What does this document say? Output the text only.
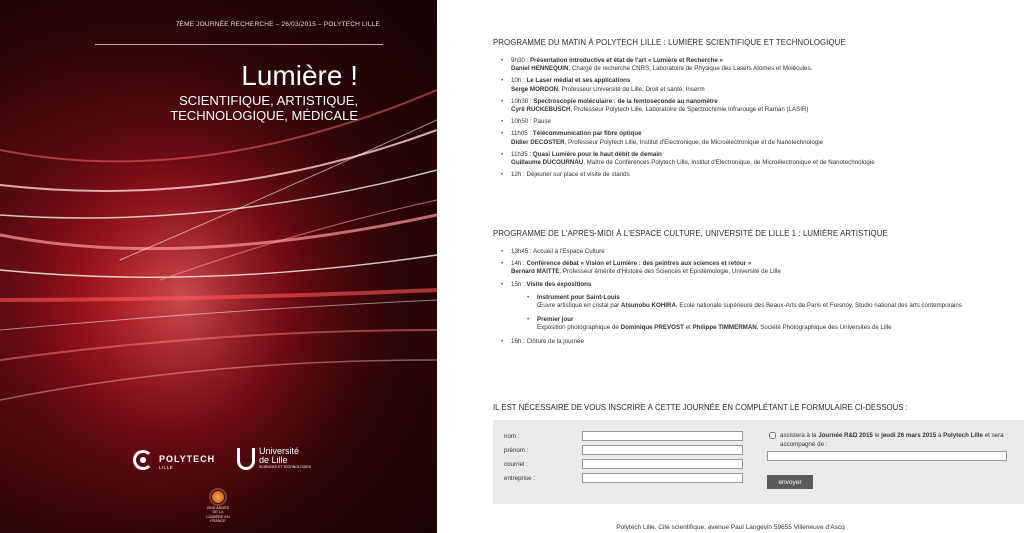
7ÈME JOURNÉE RECHERCHE – 26/03/2015 – POLYTECH LILLE
Lumière !
SCIENTIFIQUE, ARTISTIQUE, TECHNOLOGIQUE, MÉDICALE
POLYTECH
LILLE
Université
de Lille
SCIENCES ET TECHNOLOGIES
2015 ANNÉE DE LA LUMIÈRE EN FRANCE
PROGRAMME DU MATIN À POLYTECH LILLE : LUMIÈRE SCIENTIFIQUE ET TECHNOLOGIQUE
• 9h30 : Présentation introductive et état de l'art « Lumière et Recherche »
Daniel HENNEQUIN, Chargé de recherche CNRS, Laboratoire de Physique des Lasers Atomes et Molécules.
• 10h : Le Laser médial et ses applications
Serge MORDON, Professeur Université de Lille, Droit et santé, Inserm
• 10h30 : Spectroscopie moléculaire : de la femtoseconde au nanomètre
Cyril RUCKEBUSCH, Professeur Polytech Lille, Laboratoire de Spectrochimie Infrarouge et Raman (LASIR)
• 10h50 : Pause
• 11h05 : Télécommunication par fibre optique
Didier DECOSTER, Professeur Polytech Lille, Institut d'Electronique, de Microélectronique et de Nanotechnologie
• 11h35 : Quasi Lumière pour le haut débit de demain
Guillaume DUCOURNAU, Maître de Conférences Polytech Lille, Institut d'Electronique, de Microélectronique et de Nanotechnologie
• 12h : Déjeuner sur place et visite de stands
PROGRAMME DE L'APRÈS-MIDI À L'ESPACE CULTURE, UNIVERSITÉ DE LILLE 1 : LUMIÈRE ARTISTIQUE
• 13h45 : Accueil à l'Espace Culture
• 14h : Conférence débat « Vision et Lumière : des peintres aux sciences et retour »
Bernard MAITTE, Professeur émérite d'Histoire des Sciences et Epistémologie, Université de Lille
• 15h : Visite des expositions
• Instrument pour Saint-Louis
Œuvre artistique en cristal par Atsunobu KOHIRA, Ecole nationale supérieure des Beaux-Arts de Paris et Fresnoy, Studio national des arts contemporains
• Premier jour
Exposition photographique de Dominique PREVOST et Philippe TIMMERMAN, Société Photographique des Universités de Lille
• 16h : Clôture de la journée
IL EST NÉCESSAIRE DE VOUS INSCRIRE À CETTE JOURNÉE EN COMPLÉTANT LE FORMULAIRE CI-DESSOUS :
nom :
prénom :
courriel :
entreprise :
assistera à la Journée R&D 2015 le jeudi 26 mars 2015 à Polytech Lille et sera accompagné de :
envoyer
Polytech Lille, Cité scientifique, avenue Paul Langevin 59655 Villeneuve d'Ascq
